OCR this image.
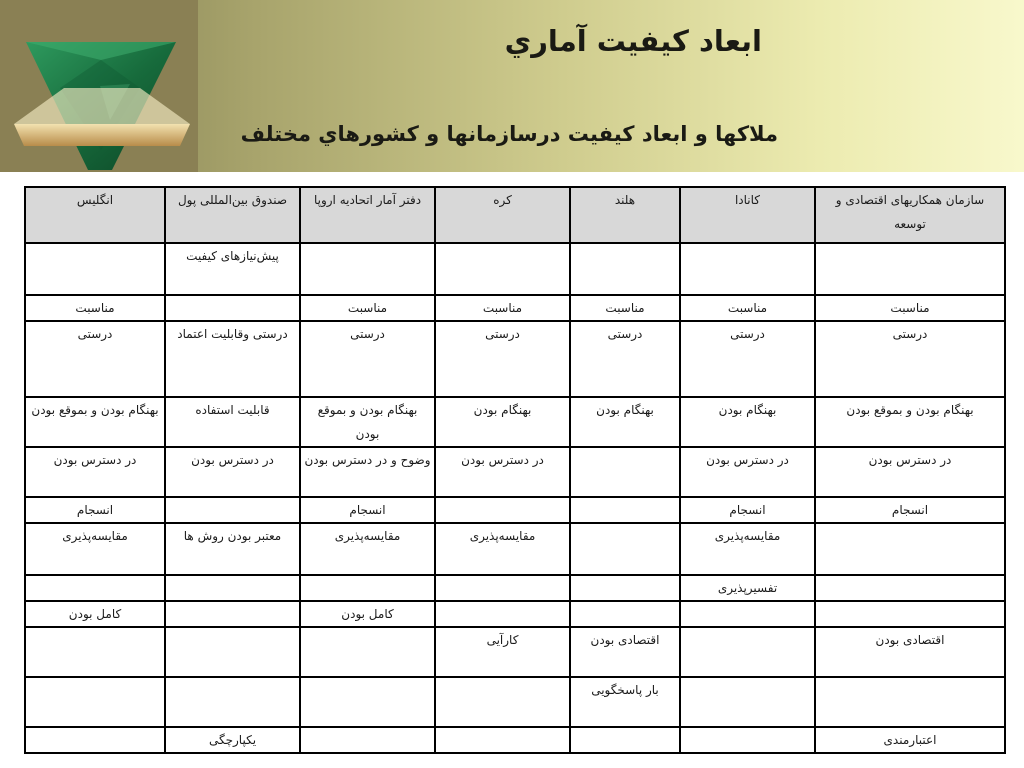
ابعاد کيفيت آماري
ملاکها و ابعاد کيفيت درسازمانها و کشورهاي مختلف
سازمان همکاريهای اقتصادی و توسعه	کانادا	هلند	کره	دفتر آمار اتحاديه اروپا	صندوق بين‌المللی پول	انگليس
					پيش‌نيازهای کيفيت	
مناسبت	مناسبت	مناسبت	مناسبت	مناسبت		مناسبت
درستی	درستی	درستی	درستی	درستی	درستی وقابليت اعتماد	درستی
بهنگام بودن و بموقع بودن	بهنگام بودن	بهنگام بودن	بهنگام بودن	بهنگام بودن و بموقع بودن	قابليت استفاده	بهنگام بودن و بموقع بودن
در دسترس بودن	در دسترس بودن		در دسترس بودن	وضوح و در دسترس بودن	در دسترس بودن	در دسترس بودن
انسجام	انسجام			انسجام		انسجام
	مقايسه‌پذيری		مقايسه‌پذيری	مقايسه‌پذيری	معتبر بودن روش ها	مقايسه‌پذيری
	تفسيرپذيری					
				کامل بودن		کامل بودن
اقتصادی بودن		اقتصادی بودن	کارآيی			
		بار پاسخگويی				
اعتبارمندی					يکپارچگی	
